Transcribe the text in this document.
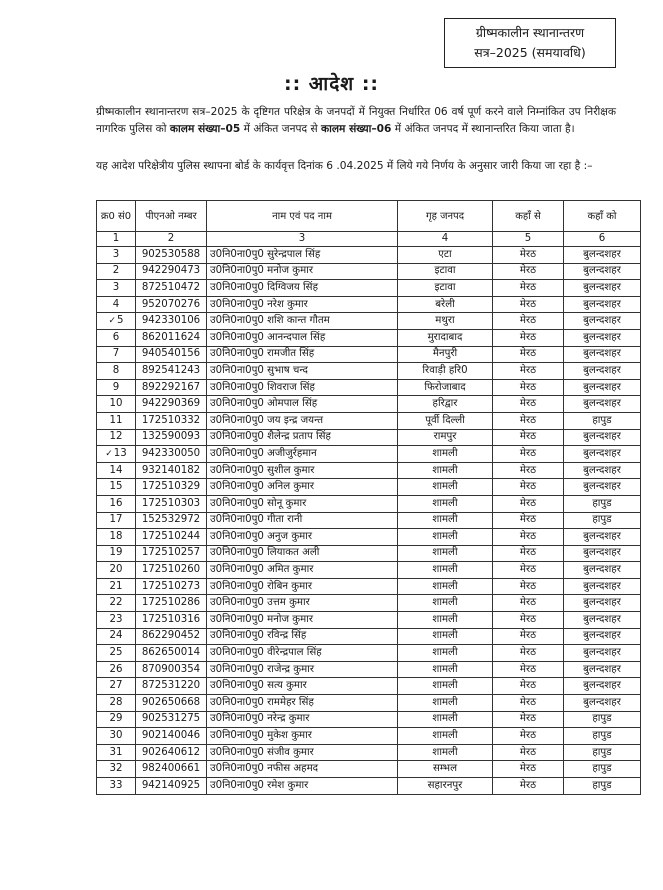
ग्रीष्मकालीन स्थानान्तरण
सत्र–2025 (समयावधि)
:: आदेश ::
ग्रीष्मकालीन स्थानान्तरण सत्र–2025 के दृष्टिगत परिक्षेत्र के जनपदों में नियुक्त निर्धारित 06 वर्ष पूर्ण करने वाले निम्नांकित उप निरीक्षक नागरिक पुलिस को कालम संख्या–05 में अंकित जनपद से कालम संख्या–06 में अंकित जनपद में स्थानान्तरित किया जाता है।
यह आदेश परिक्षेत्रीय पुलिस स्थापना बोर्ड के कार्यवृत्त दिनांक 6 .04.2025 में लिये गये निर्णय के अनुसार जारी किया जा रहा है :–
क्र0 सं0	पीएनओ नम्बर	नाम एवं पद नाम	गृह जनपद	कहाँ से	कहाँ को
1	2	3	4	5	6
3	902530588	उ0नि0ना0पु0 सुरेन्द्रपाल सिंह	एटा	मेरठ	बुलन्दशहर
2	942290473	उ0नि0ना0पु0 मनोज कुमार	इटावा	मेरठ	बुलन्दशहर
3	872510472	उ0नि0ना0पु0 दिग्विजय सिंह	इटावा	मेरठ	बुलन्दशहर
4	952070276	उ0नि0ना0पु0 नरेश कुमार	बरेली	मेरठ	बुलन्दशहर
✓5	942330106	उ0नि0ना0पु0 शशि कान्त गौतम	मथुरा	मेरठ	बुलन्दशहर
6	862011624	उ0नि0ना0पु0 आनन्दपाल सिंह	मुरादाबाद	मेरठ	बुलन्दशहर
7	940540156	उ0नि0ना0पु0 रामजीत सिंह	मैनपुरी	मेरठ	बुलन्दशहर
8	892541243	उ0नि0ना0पु0 सुभाष चन्द	रिवाड़ी हरि0	मेरठ	बुलन्दशहर
9	892292167	उ0नि0ना0पु0 शिवराज सिंह	फिरोजाबाद	मेरठ	बुलन्दशहर
10	942290369	उ0नि0ना0पु0 ओमपाल सिंह	हरिद्वार	मेरठ	बुलन्दशहर
11	172510332	उ0नि0ना0पु0 जय इन्द्र जयन्त	पूर्वी दिल्ली	मेरठ	हापुड
12	132590093	उ0नि0ना0पु0 शैलेन्द्र प्रताप सिंह	रामपुर	मेरठ	बुलन्दशहर
✓13	942330050	उ0नि0ना0पु0 अजीजुर्रहमान	शामली	मेरठ	बुलन्दशहर
14	932140182	उ0नि0ना0पु0 सुशील कुमार	शामली	मेरठ	बुलन्दशहर
15	172510329	उ0नि0ना0पु0 अनिल कुमार	शामली	मेरठ	बुलन्दशहर
16	172510303	उ0नि0ना0पु0 सोनू कुमार	शामली	मेरठ	हापुड
17	152532972	उ0नि0ना0पु0 गीता रानी	शामली	मेरठ	हापुड
18	172510244	उ0नि0ना0पु0 अनुज कुमार	शामली	मेरठ	बुलन्दशहर
19	172510257	उ0नि0ना0पु0 लियाकत अली	शामली	मेरठ	बुलन्दशहर
20	172510260	उ0नि0ना0पु0 अमित कुमार	शामली	मेरठ	बुलन्दशहर
21	172510273	उ0नि0ना0पु0 रोबिन कुमार	शामली	मेरठ	बुलन्दशहर
22	172510286	उ0नि0ना0पु0 उत्तम कुमार	शामली	मेरठ	बुलन्दशहर
23	172510316	उ0नि0ना0पु0 मनोज कुमार	शामली	मेरठ	बुलन्दशहर
24	862290452	उ0नि0ना0पु0 रविन्द्र सिंह	शामली	मेरठ	बुलन्दशहर
25	862650014	उ0नि0ना0पु0 वीरेन्द्रपाल सिंह	शामली	मेरठ	बुलन्दशहर
26	870900354	उ0नि0ना0पु0 राजेन्द्र कुमार	शामली	मेरठ	बुलन्दशहर
27	872531220	उ0नि0ना0पु0 सत्य कुमार	शामली	मेरठ	बुलन्दशहर
28	902650668	उ0नि0ना0पु0 राममेहर सिंह	शामली	मेरठ	बुलन्दशहर
29	902531275	उ0नि0ना0पु0 नरेन्द्र कुमार	शामली	मेरठ	हापुड
30	902140046	उ0नि0ना0पु0 मुकेश कुमार	शामली	मेरठ	हापुड
31	902640612	उ0नि0ना0पु0 संजीव कुमार	शामली	मेरठ	हापुड
32	982400661	उ0नि0ना0पु0 नफीस अहमद	सम्भल	मेरठ	हापुड
33	942140925	उ0नि0ना0पु0 रमेश कुमार	सहारनपुर	मेरठ	हापुड
